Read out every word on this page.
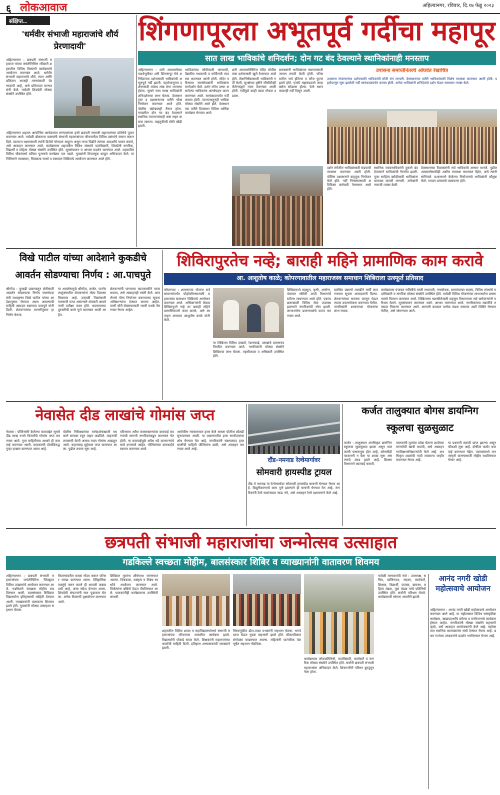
६ लोकआवाज	अहिल्यानगर, रविवार, दि.१७ फेब्रु २०२३
संक्षिप्त..
'धर्मवीर संभाजी महाराजांचे शौर्य प्रेरणादायी'
अहिल्यानगर : छत्रपती संभाजी महाराज यांच्या जयंतीनिमित्त रविवारी शहरातील विविध ठिकाणी कार्यक्रमांचे आयोजन करण्यात आले. धर्मवीर संभाजी महाराजांचे शौर्य, त्याग आणि बलिदान आजही तरुणांसाठी प्रेरणादायी आहे, असे प्रतिपादन मान्यवरांनी केले. यावेळी शिवप्रेमी मोठ्या संख्येने उपस्थित होते.
अहिल्यानगर शहरात आयोजित कार्यक्रमात मान्यवरांच्या हस्ते छत्रपती संभाजी महाराजांच्या प्रतिमेचे पूजन करण्यात आले. यावेळी बोलताना वक्त्यांनी संभाजी महाराजांच्या जीवनातील विविध प्रसंगांचे स्मरण करून दिले. स्वराज्य रक्षणासाठी त्यांनी दिलेले योगदान अमूल्य असून नव्या पिढीने त्यांच्या आदर्शांचे पालन करावे, असे आवाहन करण्यात आले. कार्यक्रमास शहरातील विविध संस्थांचे पदाधिकारी, शिवप्रेमी नागरिक, विद्यार्थी व महिला मोठ्या संख्येने उपस्थित होते. सूत्रसंचालन व आभार प्रदर्शन करण्यात आले. शहरातील विविध चौकांमध्ये प्रतिमा पूजनाचे कार्यक्रम पार पडले. युवकांनी मिरवणूक काढून अभिवादन केले. या निमित्ताने व्याख्यान, चित्रकला स्पर्धा व रक्तदान शिबिराचे आयोजन करण्यात आले होते.
शिंगणापूरला अभूतपूर्व गर्दीचा महापूर
सात लाख भाविकांचे शनिदर्शन; दोन गट बंद ठेवल्याने स्थानिकांनाही मनस्ताप
अहिल्यानगर : शनी अमावस्येच्या पार्श्वभूमीवर शनी शिंगणापूर येथे शनिदेवाच्या दर्शनासाठी भाविकांची अभूतपूर्व गर्दी झाली. पहाटेपासूनच दर्शनासाठी लांबच लांब रांगा लागल्या होत्या. सुमारे सात लाख भाविकांनी शनिदर्शनाचा लाभ घेतला. देवस्थान ट्रस्ट व प्रशासनाच्या वतीने चोख नियोजन करण्यात आले होते. पोलीस बंदोबस्तही तैनात होता. गावातील दोन गट बंद ठेवल्याने स्थानिक व्यापाऱ्यांनाही त्रास सहन करावा लागला. वाहतुकीची मोठी कोंडी झाली.
भाविकांच्या सोयीसाठी पाण्याची, वैद्यकीय पथकाची व पार्किंगची व्यवस्था करण्यात आली होती. मंदिर परिसरात स्वयंसेवकांनी भाविकांना मार्गदर्शन केले. दर्शन रांगेत उभ्या असलेल्या भाविकांना अल्पोपहार वाटप करण्यात आले. सायंकाळपर्यंत गर्दी कायम होती. परराज्यातूनही भाविक मोठ्या संख्येने आले होते. देवस्थानच्या वतीने दिवसभर विविध धार्मिक कार्यक्रम घेण्यात आले.
शनी अमावस्येनिमित्त मंदिर चोवीस तास दर्शनासाठी खुले ठेवण्यात आले होते. तेलाभिषेकासाठी भाविकांनी गर्दी केली. सुरक्षेच्या दृष्टीने सीसीटीव्ही कॅमेऱ्यांद्वारे नजर ठेवण्यात आली होती. गर्दीमुळे काही काळ गोंधळ उडाला.
ग्रामस्थांनी भाविकांच्या स्वागतासाठी जय्यत तयारी केली होती. परिसरातील सर्व हॉटेल्स व लॉज फुल्ल झाले होते. एसटी महामंडळाने जादा बसेस सोडल्या होत्या. रेल्वे स्थानकावरही गर्दी दिसून आली.
उपासना समाप्तीनंतरचे ओघवंत रेखाचित्र
उपासना संपल्यानंतर दर्शनासाठी भाविकांची मोठी रांग लागली. देवस्थानच्या वतीने भाविकांसाठी विशेष व्यवस्था करण्यात आली होती. पहाटेपासून सुरू झालेली गर्दी सायंकाळपर्यंत कायम होती. अनेक भाविकांनी शनिदेवाचे दर्शन घेऊन समाधान व्यक्त केले.
दर्शन रांगेतील भाविकांसाठी मंडपाची व्यवस्था करण्यात आली होती. पोलिस प्रशासनाने वाहतूक नियोजन केले होते. गर्दी नियंत्रणासाठी अतिरिक्त कर्मचारी नेमण्यात आले होते.
स्थानिक व्यावसायिकांनी दुकाने बंद ठेवल्याने भाविकांची गैरसोय झाली. पूजा साहित्य खरेदीसाठी भाविकांना धावपळ करावी लागली. अनेकांनी नाराजी व्यक्त केली.
देवस्थानच्या विश्वस्तांनी सर्व भाविकांचे आभार मानले. पुढील अमावस्येसाठीही अशीच व्यवस्था करण्यात येईल, असे त्यांनी सांगितले. प्रशासनाने केलेल्या नियोजनाचे भाविकांनी कौतुक केले. गावात उत्सवाचे वातावरण होते.
विखे पाटील यांच्या आदेशाने कुकडीचे आवर्तन सोडण्याचा निर्णय : आ.पाचपुते
श्रीगोंदा : कुकडी प्रकल्पातून शेतीसाठी आवर्तन सोडण्याचा निर्णय जलसंपदा मंत्री राधाकृष्ण विखे पाटील यांच्या आदेशानुसार घेण्यात आला असल्याची माहिती आमदार बबनराव पाचपुते यांनी दिली. शेतकऱ्यांच्या मागणीनुसार हा निर्णय घेतला.
या आवर्तनामुळे श्रीगोंदा, कर्जत, पारनेर तालुक्यातील शेतकऱ्यांना मोठा दिलासा मिळणार आहे. उन्हाळी पिकांसाठी पाण्याची गरज असल्याने शेतकरी आवर्तनाची प्रतीक्षा करत होते. कालव्याच्या दुरुस्तीची कामे पूर्ण करण्यात आली आहेत.
शेतकऱ्यांनी पाण्याचा काटकसरीने वापर करावा, असे आवाहनही त्यांनी केले. आवर्तनाचे योग्य नियोजन करण्याच्या सूचना अधिकाऱ्यांना देण्यात आल्या आहेत. पाणी चोरी रोखण्यासाठी भरारी पथके नेमण्यात येणार आहेत.
शिविरापुरतेच नव्हे; बाराही महिने प्रामाणिक काम करावे
आ. आशुतोष काळे; कोपरगावातील महाराजस्व समाधान शिबिराला उत्स्फूर्त प्रतिसाद
कोपरगाव : शासनाच्या योजना सर्वसामान्यांपर्यंत पोहोचविण्यासाठी महाराजस्व समाधान शिबिराचे आयोजन करण्यात आले. अधिकाऱ्यांनी केवळ शिबिरापुरते नव्हे तर बाराही महिने प्रामाणिकपणे काम करावे, असे आवाहन आमदार आशुतोष काळे यांनी केले.
या शिबिरात विविध दाखले, रेशनकार्ड, उत्पन्नाचे प्रमाणपत्र वितरित करण्यात आले. नागरिकांनी मोठ्या संख्येने शिबिराचा लाभ घेतला. तहसीलदार व अधिकारी उपस्थित होते.
शिबिरामध्ये महसूल, कृषी, आरोग्य, पंचायत समिती आदी विभागांचे स्टॉल्स लावण्यात आले होते. एकाच छताखाली विविध सेवा उपलब्ध झाल्याने नागरिकांची सोय झाली. लाभार्थ्यांना प्रमाणपत्रांचे वाटप करण्यात आले.
प्रलंबित प्रकरणे तातडीने मार्गी लावण्याच्या सूचना आमदारांनी दिल्या. शेतकऱ्यांच्या समस्या जाणून घेऊन त्यावर उपाययोजना करण्यात येतील. नागरिकांनी शासनाच्या योजनांचा लाभ घ्यावा.
कार्यक्रमास पंचायत समितीचे माजी सभापती, नगरसेवक, ग्रामपंचायत सदस्य, विविध संस्थांचे पदाधिकारी व नागरिक मोठ्या संख्येने उपस्थित होते. यावेळी विविध योजनांच्या लाभार्थ्यांना प्रमाणपत्रांचे वितरण करण्यात आले. शिबिराच्या यशस्वीतेसाठी महसूल विभागाच्या सर्व कर्मचाऱ्यांनी परिश्रम घेतले. सूत्रसंचालन करण्यात आले. आभार मानण्यात आले. नागरिकांच्या तक्रारींचे तत्काळ निवारण करण्यात आले. आगामी काळात प्रत्येक मंडळ स्तरावर अशी शिबिरे घेण्यात येतील, असे सांगण्यात आले.
नेवासेत दीड लाखांचे गोमांस जप्त
नेवासा : पोलिसांनी केलेल्या कारवाईत सुमारे दीड लाख रुपये किमतीचे गोमांस जप्त करण्यात आले. गुप्त माहितीच्या आधारे ही कारवाई करण्यात आली. याप्रकरणी दोघांविरुद्ध गुन्हा दाखल करण्यात आला आहे.
पोलीस निरीक्षकांच्या मार्गदर्शनाखाली पथकाने सापळा रचून वाहन अडविले. वाहनाची तपासणी केली असता त्यात गोमांस आढळून आले. वाहनासह मुद्देमाल जप्त करण्यात आला. पुढील तपास सुरू आहे.
परिसरात अवैध कत्तलखान्यांवर कारवाई करण्याची मागणी नागरिकांकडून करण्यात येत होती. या कारवाईमुळे अवैध धंदे करणाऱ्यांचे धाबे दणाणले आहेत. पोलिसांच्या कारवाईचे स्वागत करण्यात आले.
आरोपींना न्यायालयात हजर केले असता पोलीस कोठडी सुनावण्यात आली. या प्रकरणातील इतर साथीदारांचा शोध घेण्यात येत आहे. नागरिकांनी संशयास्पद हालचालींची माहिती पोलिसांना द्यावी, असे आवाहन करण्यात आले आहे.
दौंड–नमनाड रेल्वेमार्गावर
सोमवारी हायस्पीड ट्रायल
दौंड ते नमनाड या रेल्वेमार्गावर सोमवारी हायस्पीड चाचणी घेण्यात येणार आहे. विद्युतीकरणाचे काम पूर्ण झाल्याने ही चाचणी घेण्यात येत आहे. नागरिकांनी रेल्वे रुळांजवळ जाऊ नये, असे आवाहन रेल्वे प्रशासनाने केले आहे.
कर्जत तालुक्यात बोगस डायग्निग
स्कूलचा सुळसुळाट
कर्जत : तालुक्यात अनधिकृत डायग्निग स्कूलचा सुळसुळाट झाला असून पालकांची फसवणूक होत आहे. कोणतीही परवानगी न घेता या शाळा सुरू असल्याचे उघड झाले आहे. शिक्षण विभागाने कारवाई करावी.
पालकांनी मुलांचा प्रवेश घेताना शाळेच्या मान्यतेची खात्री करावी, असे आवाहन गटशिक्षणाधिकाऱ्यांनी केले आहे. अनधिकृत शाळांची यादी लवकरच जाहीर करण्यात येणार आहे.
या प्रकरणी तक्रारी प्राप्त झाल्या असून चौकशी सुरू आहे. दोषींवर कठोर कारवाई करण्यात येईल. पालकांमध्ये जनजागृती करण्यासाठी मोहीम राबविण्यात येणार आहे.
छत्रपती संभाजी महाराजांचा जन्मोत्सव उत्साहात
गडकिल्ले स्वच्छता मोहीम, बालसंस्कार शिबिर व व्याख्यानांनी वातावरण शिवमय
अहिल्यानगर : छत्रपती संभाजी महाराजांच्या जयंतीनिमित्त जिल्ह्यात विविध उपक्रमांचे आयोजन करण्यात आले. गडकिल्ले स्वच्छता मोहीम राबविण्यात आली. बालसंस्कार शिबिरात विद्यार्थ्यांना इतिहासाची माहिती देण्यात आली. व्याख्यानांनी वातावरण शिवमय झाले होते. युवकांनी मोठ्या उत्साहात सहभाग घेतला.
किल्ल्यांवरील कचरा गोळा करून परिसर स्वच्छ करण्यात आला. ऐतिहासिक वास्तूंचे जतन करणे ही आपली जबाबदारी आहे, असा संदेश देण्यात आला. शिवप्रेमी संघटनांनी यात पुढाकार घेतला. अनेक ठिकाणी वृक्षारोपण करण्यात आले.
शिबिरात मुलांना शौर्यगाथा सांगण्यात आल्या. चित्रकला, वक्तृत्व व निबंध स्पर्धांचे आयोजन करण्यात आले. विजेत्यांना बक्षिसे देऊन गौरविण्यात आले. पालकांनीही कार्यक्रमाला उपस्थिती लावली.
शहरातील विविध शाळा व महाविद्यालयांमध्ये संभाजी महाराजांच्या जीवनावर आधारित कार्यक्रम झाले. विद्यार्थ्यांनी पोवाडे सादर केले. शिक्षकांनी महाराजांच्या कार्याची माहिती दिली. इतिहास अभ्यासकांची व्याख्याने झाली.
मिरवणुकीत ढोल-ताशा पथकांनी सहभाग घेतला. भगवे ध्वज घेऊन युवक सहभागी झाले होते. चौकाचौकात रांगोळ्या काढण्यात आल्या. महिलांनी पारंपरिक वेशभूषेत सहभाग नोंदविला.
कार्यक्रमास लोकप्रतिनिधी, पदाधिकारी, कार्यकर्ते व नागरिक मोठ्या संख्येने उपस्थित होते. सर्वांनी छत्रपती संभाजी महाराजांना अभिवादन केले. शिवगर्जनेने परिसर दुमदुमून गेला होता.
यावेळी मान्यवरांची नावे : उपाध्यक्ष, सचिव, खजिनदार, सदस्य, कार्यकर्ते, शिक्षक, विद्यार्थी, पालक, ग्रामस्थ, महिला मंडळ, युवा मंडळ यांचे प्रतिनिधी उपस्थित होते. सर्वांनी परिश्रम घेतले. कार्यक्रमाची सांगता आरतीने झाली.
आनंद नगरी खोडी महोत्सवाचे आयोजन
अहिल्यानगर : आनंद नगरी खोडी महोत्सवाचे आयोजन करण्यात आले आहे. या महोत्सवात विविध सांस्कृतिक कार्यक्रम, खाद्यपदार्थांचे स्टॉल्स व मनोरंजनाचे कार्यक्रम होणार आहेत. नागरिकांनी मोठ्या संख्येने सहभागी व्हावे, असे आवाहन आयोजकांनी केले आहे. महोत्सवात स्थानिक कलाकारांना संधी देण्यात येणार आहे. बचत गटांच्या उत्पादनांचे प्रदर्शन भरविण्यात येणार आहे.
